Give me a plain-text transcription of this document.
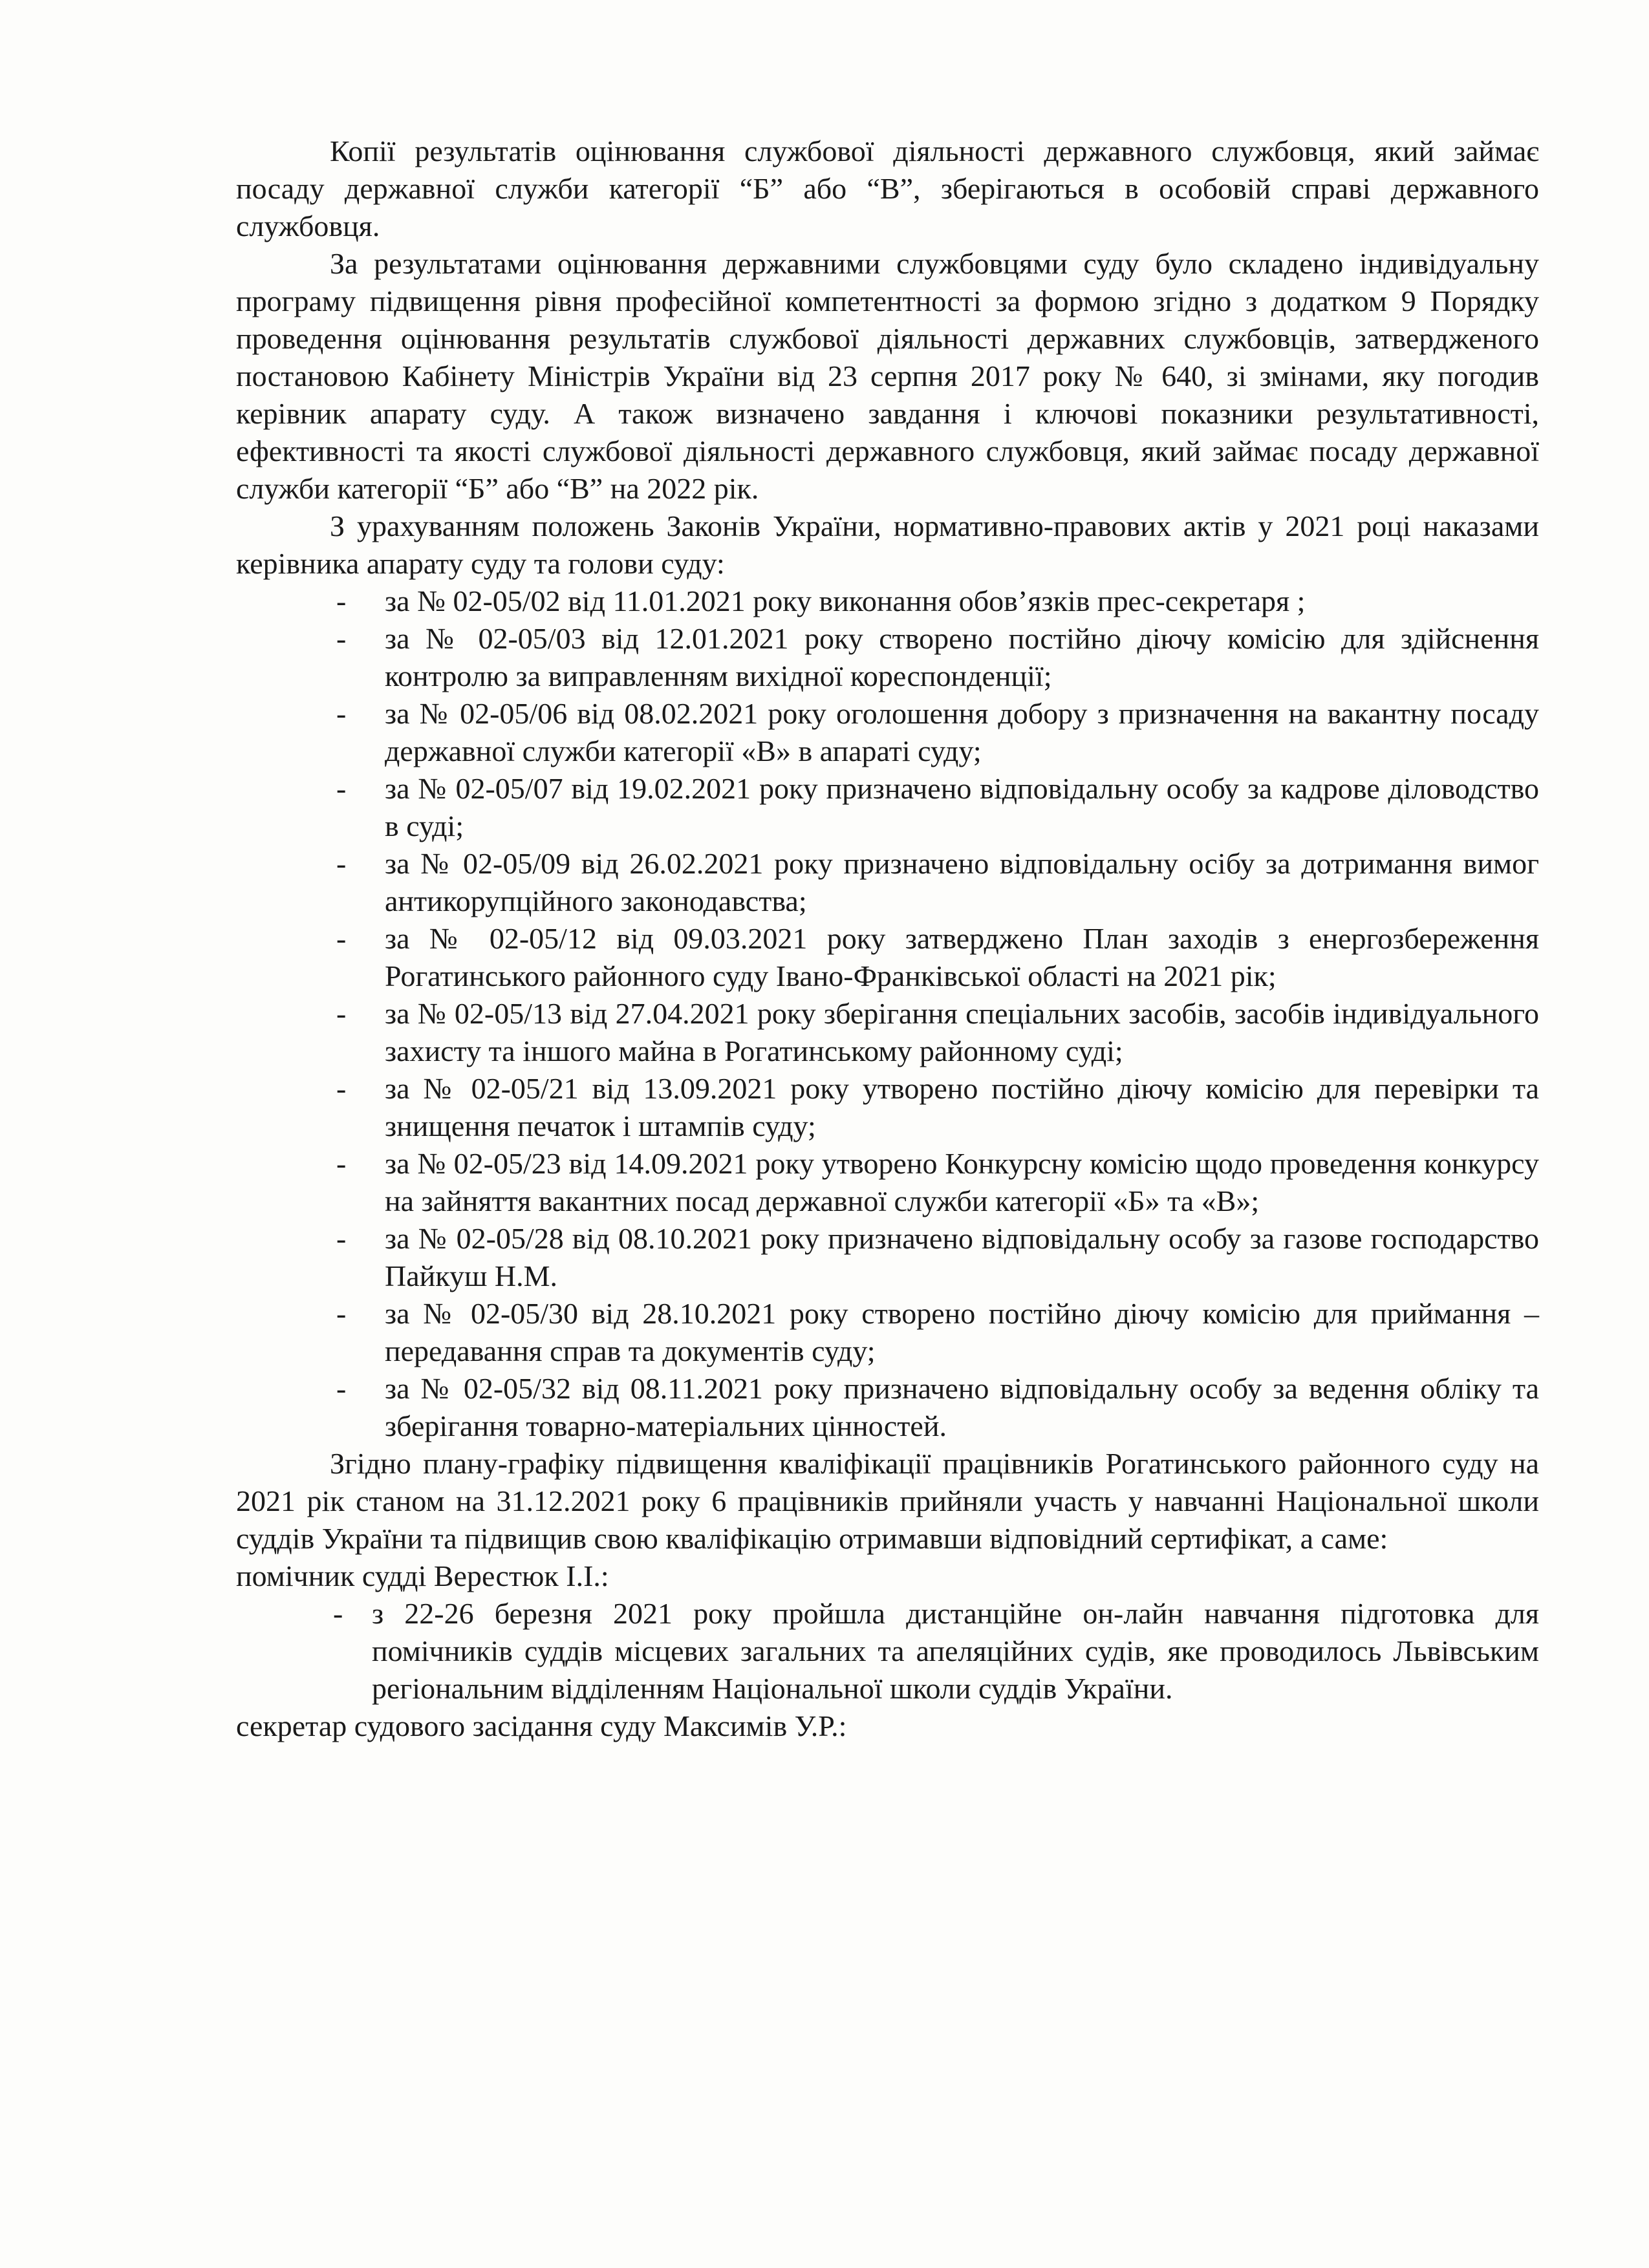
Копії результатів оцінювання службової діяльності державного службовця, який займає посаду державної служби категорії “Б” або “В”, зберігаються в особовій справі державного службовця.

За результатами оцінювання державними службовцями суду було складено індивідуальну програму підвищення рівня професійної компетентності за формою згідно з додатком 9 Порядку проведення оцінювання результатів службової діяльності державних службовців, затвердженого постановою Кабінету Міністрів України від 23 серпня 2017 року № 640, зі змінами, яку погодив керівник апарату суду. А також визначено завдання і ключові показники результативності, ефективності та якості службової діяльності державного службовця, який займає посаду державної служби категорії “Б” або “В” на 2022 рік.

З урахуванням положень Законів України, нормативно-правових актів у 2021 році наказами керівника апарату суду та голови суду:

- за № 02-05/02 від 11.01.2021 року виконання обов’язків прес-секретаря ;
- за № 02-05/03 від 12.01.2021 року створено постійно діючу комісію для здійснення контролю за виправленням вихідної кореспонденції;
- за № 02-05/06 від 08.02.2021 року оголошення добору з призначення на вакантну посаду державної служби категорії «В» в апараті суду;
- за № 02-05/07 від 19.02.2021 року призначено відповідальну особу за кадрове діловодство в суді;
- за № 02-05/09 від 26.02.2021 року призначено відповідальну осібу за дотримання вимог антикорупційного законодавства;
- за № 02-05/12 від 09.03.2021 року затверджено План заходів з енергозбереження Рогатинського районного суду Івано-Франківської області на 2021 рік;
- за № 02-05/13 від 27.04.2021 року зберігання спеціальних засобів, засобів індивідуального захисту та іншого майна в Рогатинському районному суді;
- за № 02-05/21 від 13.09.2021 року утворено постійно діючу комісію для перевірки та знищення печаток і штампів суду;
- за № 02-05/23 від 14.09.2021 року утворено Конкурсну комісію щодо проведення конкурсу на зайняття вакантних посад державної служби категорії «Б» та «В»;
- за № 02-05/28 від 08.10.2021 року призначено відповідальну особу за газове господарство Пайкуш Н.М.
- за № 02-05/30 від 28.10.2021 року створено постійно діючу комісію для приймання – передавання справ та документів суду;
- за № 02-05/32 від 08.11.2021 року призначено відповідальну особу за ведення обліку та зберігання товарно-матеріальних цінностей.

Згідно плану-графіку підвищення кваліфікації працівників Рогатинського районного суду на 2021 рік станом на 31.12.2021 року 6 працівників прийняли участь у навчанні Національної школи суддів України та підвищив свою кваліфікацію отримавши відповідний сертифікат, а саме:

помічник судді Верестюк І.І.:

- з 22-26 березня 2021 року пройшла дистанційне он-лайн навчання підготовка для помічників суддів місцевих загальних та апеляційних судів, яке проводилось Львівським регіональним відділенням Національної школи суддів України.

секретар судового засідання суду Максимів У.Р.:
